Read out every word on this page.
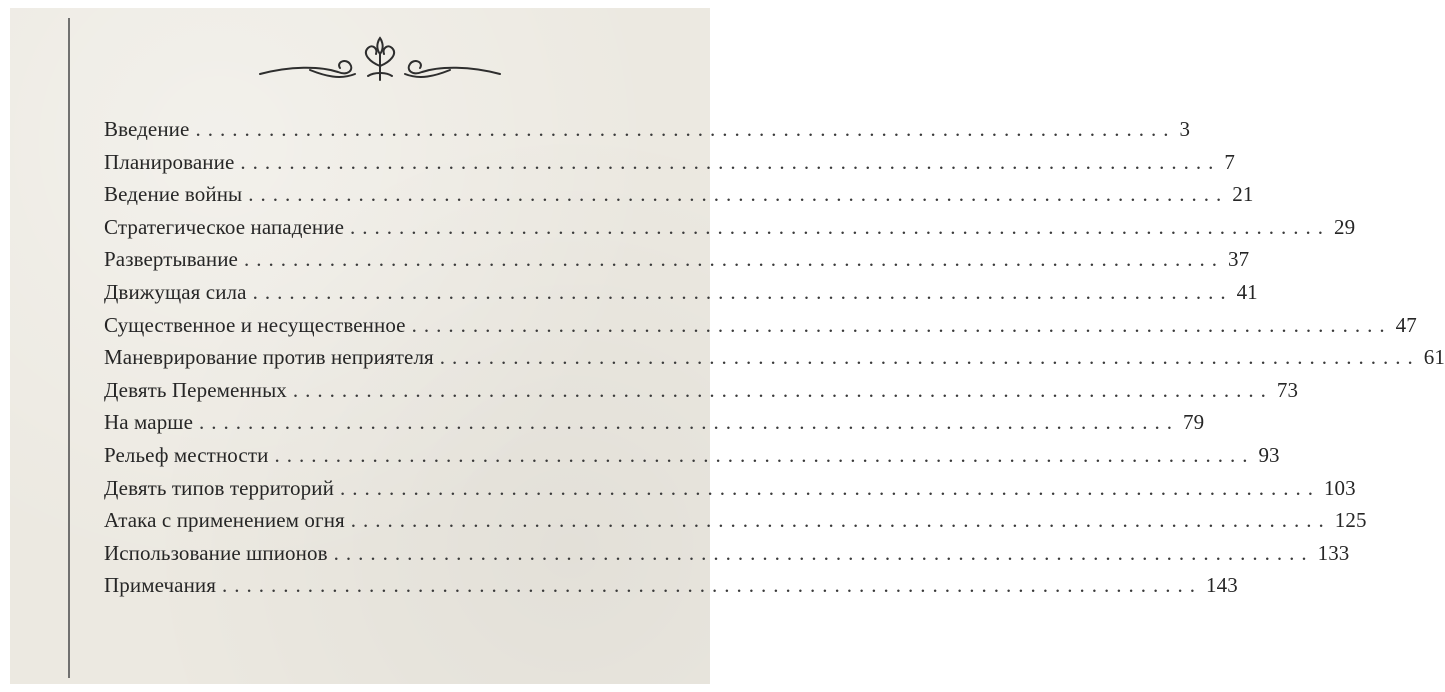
Введение ................................................................................ 3
Планирование ................................................................................ 7
Ведение войны ................................................................................ 21
Стратегическое нападение ................................................................................ 29
Развертывание ................................................................................ 37
Движущая сила ................................................................................ 41
Существенное и несущественное ................................................................................ 47
Маневрирование против неприятеля ................................................................................ 61
Девять Переменных ................................................................................ 73
На марше ................................................................................ 79
Рельеф местности ................................................................................ 93
Девять типов территорий ................................................................................ 103
Атака с применением огня ................................................................................ 125
Использование шпионов ................................................................................ 133
Примечания ................................................................................ 143
